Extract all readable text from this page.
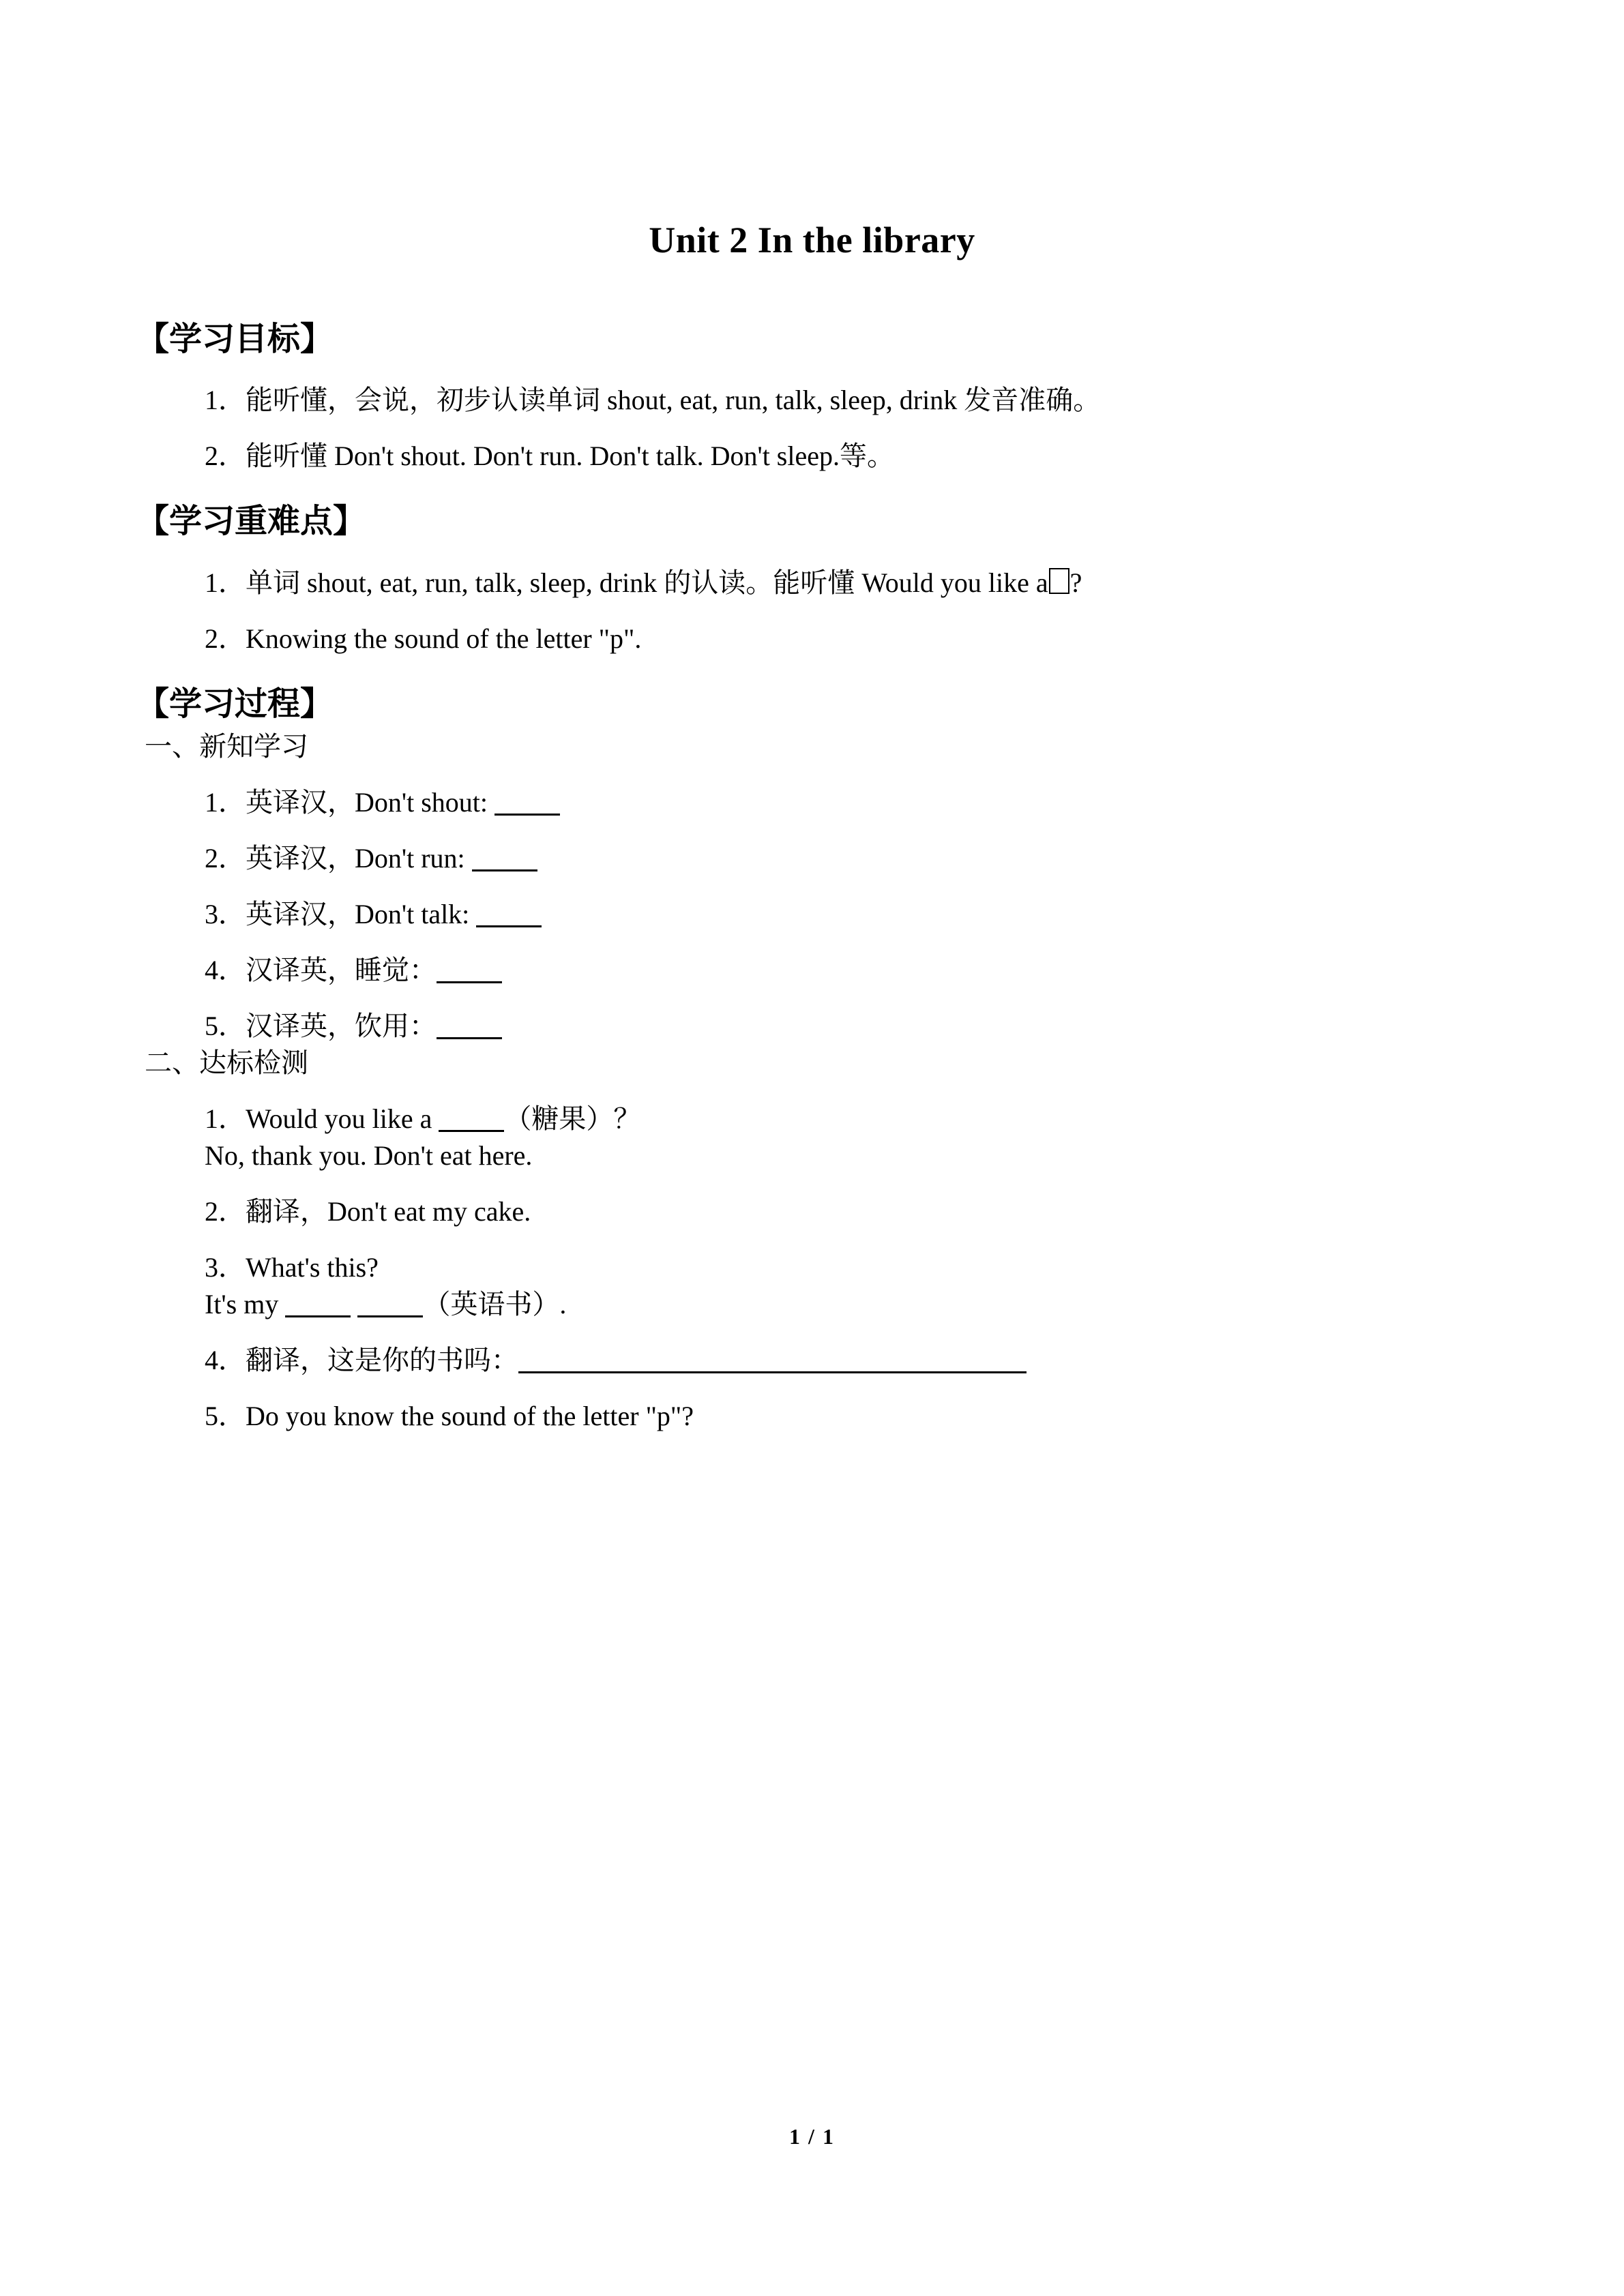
Unit 2 In the library
【学习目标】
1．能听懂，会说，初步认读单词 shout, eat, run, talk, sleep, drink 发音准确。
2．能听懂 Don't shout. Don't run. Don't talk. Don't sleep.等。
【学习重难点】
1．单词 shout, eat, run, talk, sleep, drink 的认读。能听懂 Would you like a ?
2．Knowing the sound of the letter "p".
【学习过程】
一、新知学习
1．英译汉，Don't shout:
2．英译汉，Don't run:
3．英译汉，Don't talk:
4．汉译英，睡觉：
5．汉译英，饮用：
二、达标检测
1．Would you like a	（糖果）？
No, thank you. Don't eat here.
2．翻译，Don't eat my cake.
3．What's this?
It's my	（英语书）.
4．翻译，这是你的书吗：
5．Do you know the sound of the letter "p"?
1 / 1
